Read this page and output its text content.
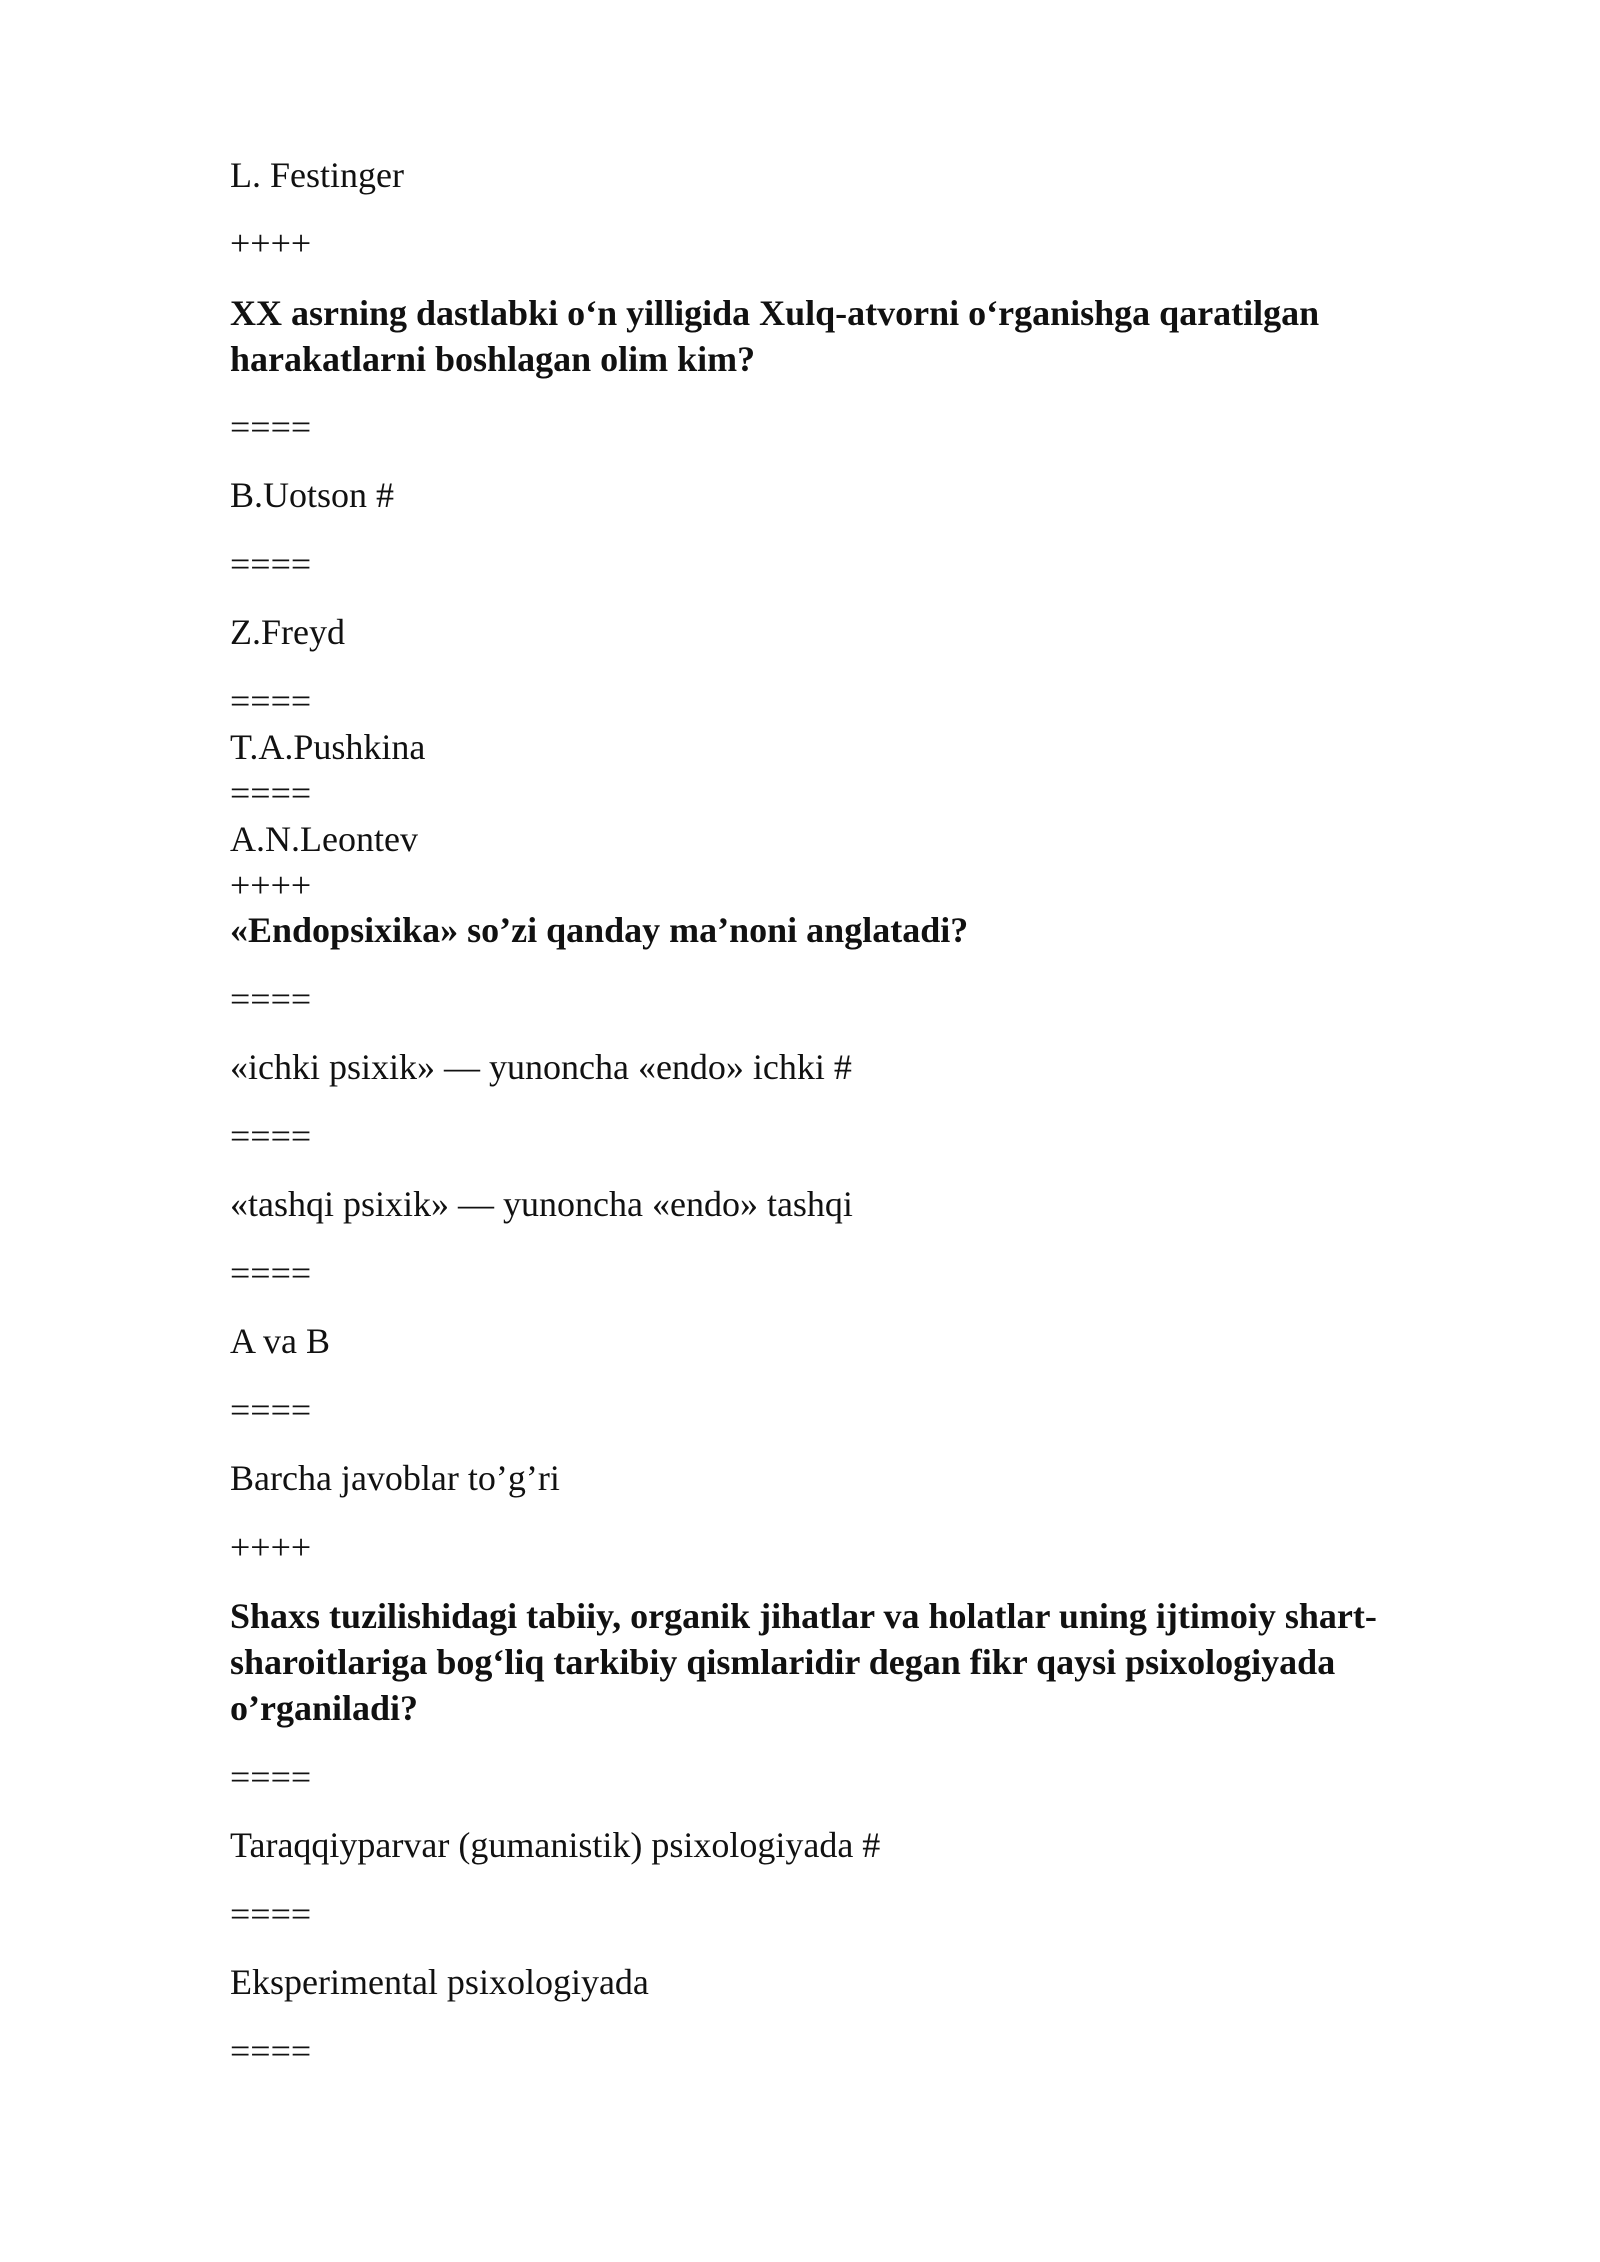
L. Festinger

++++

XX asrning dastlabki o‘n yilligida Xulq-atvorni o‘rganishga qaratilgan harakatlarni boshlagan olim kim?

====

B.Uotson #

====

Z.Freyd

====

T.A.Pushkina

====

A.N.Leontev

++++

«Endopsixika» so’zi qanday ma’noni anglatadi?

====

«ichki psixik» — yunoncha «endo» ichki #

====

«tashqi psixik» — yunoncha «endo» tashqi

====

A va B

====

Barcha javoblar to’g’ri

++++

Shaxs tuzilishidagi tabiiy, organik jihatlar va holatlar uning ijtimoiy shart-sharoitlariga bog‘liq tarkibiy qismlaridir degan fikr qaysi psixologiyada o’rganiladi?

====

Taraqqiyparvar (gumanistik) psixologiyada #

====

Eksperimental psixologiyada

====
